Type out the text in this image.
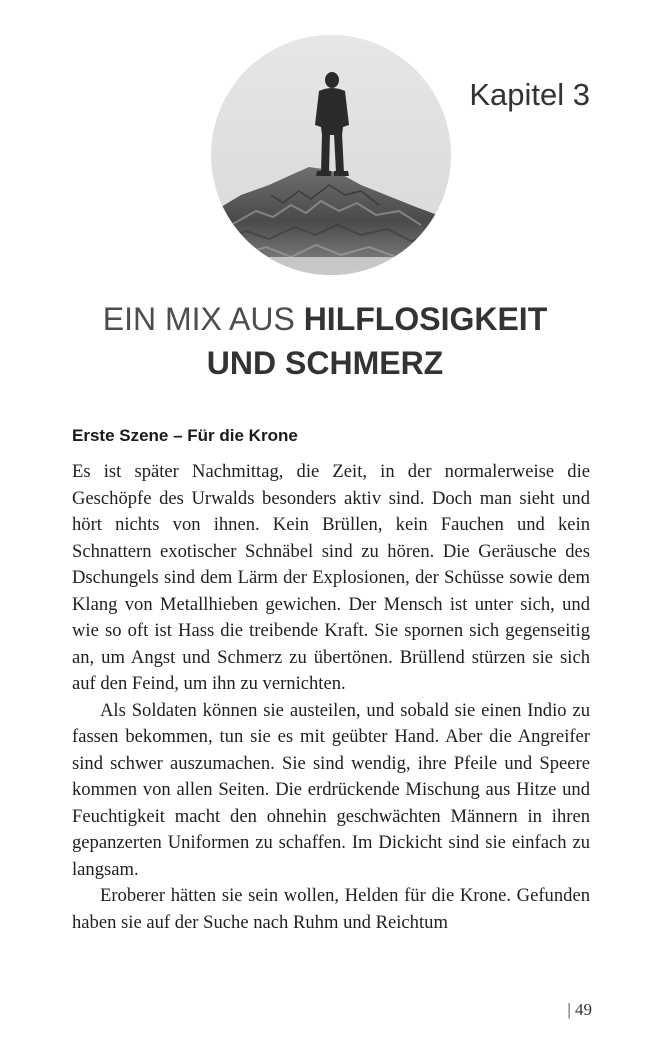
Kapitel 3
EIN MIX AUS HILFLOSIGKEIT
UND SCHMERZ
Erste Szene – Für die Krone

Es ist später Nachmittag, die Zeit, in der normalerweise die Geschöpfe des Urwalds besonders aktiv sind. Doch man sieht und hört nichts von ihnen. Kein Brüllen, kein Fauchen und kein Schnattern exotischer Schnäbel sind zu hören. Die Geräusche des Dschungels sind dem Lärm der Explosionen, der Schüsse sowie dem Klang von Metallhieben gewichen. Der Mensch ist unter sich, und wie so oft ist Hass die treibende Kraft. Sie spornen sich gegenseitig an, um Angst und Schmerz zu übertönen. Brüllend stürzen sie sich auf den Feind, um ihn zu vernichten.

Als Soldaten können sie austeilen, und sobald sie einen Indio zu fassen bekommen, tun sie es mit geübter Hand. Aber die Angreifer sind schwer auszumachen. Sie sind wendig, ihre Pfeile und Speere kommen von allen Seiten. Die erdrückende Mischung aus Hitze und Feuchtigkeit macht den ohnehin geschwächten Männern in ihren gepanzerten Uniformen zu schaffen. Im Dickicht sind sie einfach zu langsam.

Eroberer hätten sie sein wollen, Helden für die Krone. Gefunden haben sie auf der Suche nach Ruhm und Reichtum

| 49
